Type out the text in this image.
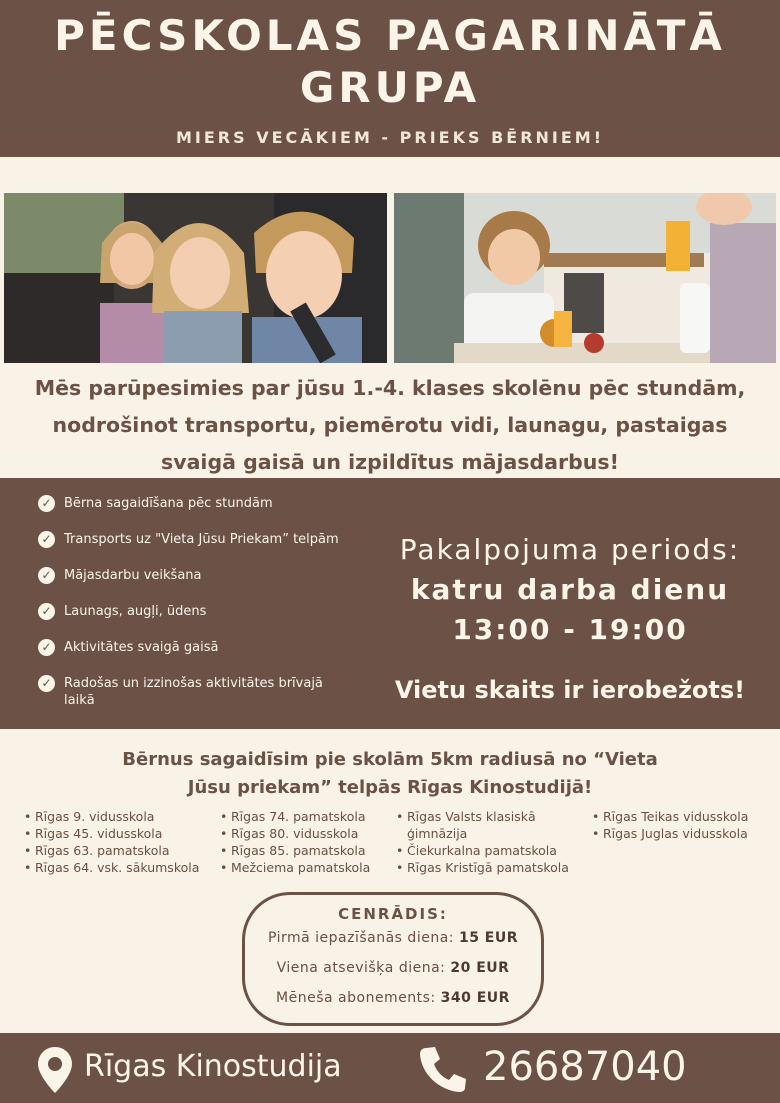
PĒCSKOLAS PAGARINĀTĀ
GRUPA
MIERS VECĀKIEM - PRIEKS BĒRNIEM!
Mēs parūpesimies par jūsu 1.-4. klases skolēnu pēc stundām, nodrošinot transportu, piemērotu vidi, launagu, pastaigas svaigā gaisā un izpildītus mājasdarbus!
✓ Bērna sagaidīšana pēc stundām
✓ Transports uz "Vieta Jūsu Priekam” telpām
✓ Mājasdarbu veikšana
✓ Launags, augļi, ūdens
✓ Aktivitātes svaigā gaisā
✓ Radošas un izzinošas aktivitātes brīvajā laikā
Pakalpojuma periods:
katru darba dienu
13:00 - 19:00
Vietu skaits ir ierobežots!
Bērnus sagaidīsim pie skolām 5km radiusā no “Vieta
Jūsu priekam” telpās Rīgas Kinostudijā!
• Rīgas 9. vidusskola
• Rīgas 45. vidusskola
• Rīgas 63. pamatskola
• Rīgas 64. vsk. sākumskola
• Rīgas 74. pamatskola
• Rīgas 80. vidusskola
• Rīgas 85. pamatskola
• Mežciema pamatskola
• Rīgas Valsts klasiskā ģimnāzija
• Čiekurkalna pamatskola
• Rīgas Kristīgā pamatskola
• Rīgas Teikas vidusskola
• Rīgas Juglas vidusskola
CENRĀDIS:
Pirmā iepazīšanās diena: 15 EUR
Viena atsevišķa diena: 20 EUR
Mēneša abonements: 340 EUR
Rīgas Kinostudija	26687040
